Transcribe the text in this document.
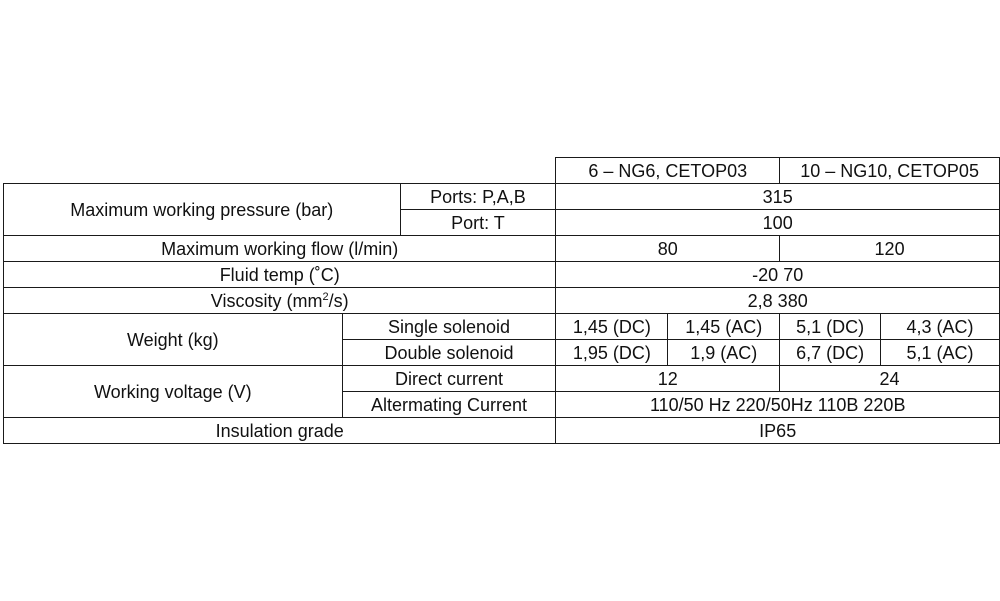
			6 – NG6, CETOP03		10 – NG10, CETOP05	
Maximum working pressure (bar)		Ports: P,A,B	315			
		Port: T	100			
Maximum working flow (l/min)			80		120	
Fluid temp (˚C)			-20 70			
Viscosity $(mm^2/s)$			2,8 380			
Weight (kg)	Single solenoid		1,45 (DC)	1,45 (AC)	5,1 (DC)	4,3 (AC)
	Double solenoid		1,95 (DC)	1,9 (AC)	6,7 (DC)	5,1 (AC)
Working voltage (V)	Direct current		12		24	
	Altermating Current		110/50 Hz 220/50Hz 110B 220B			
Insulation grade			IP65			
